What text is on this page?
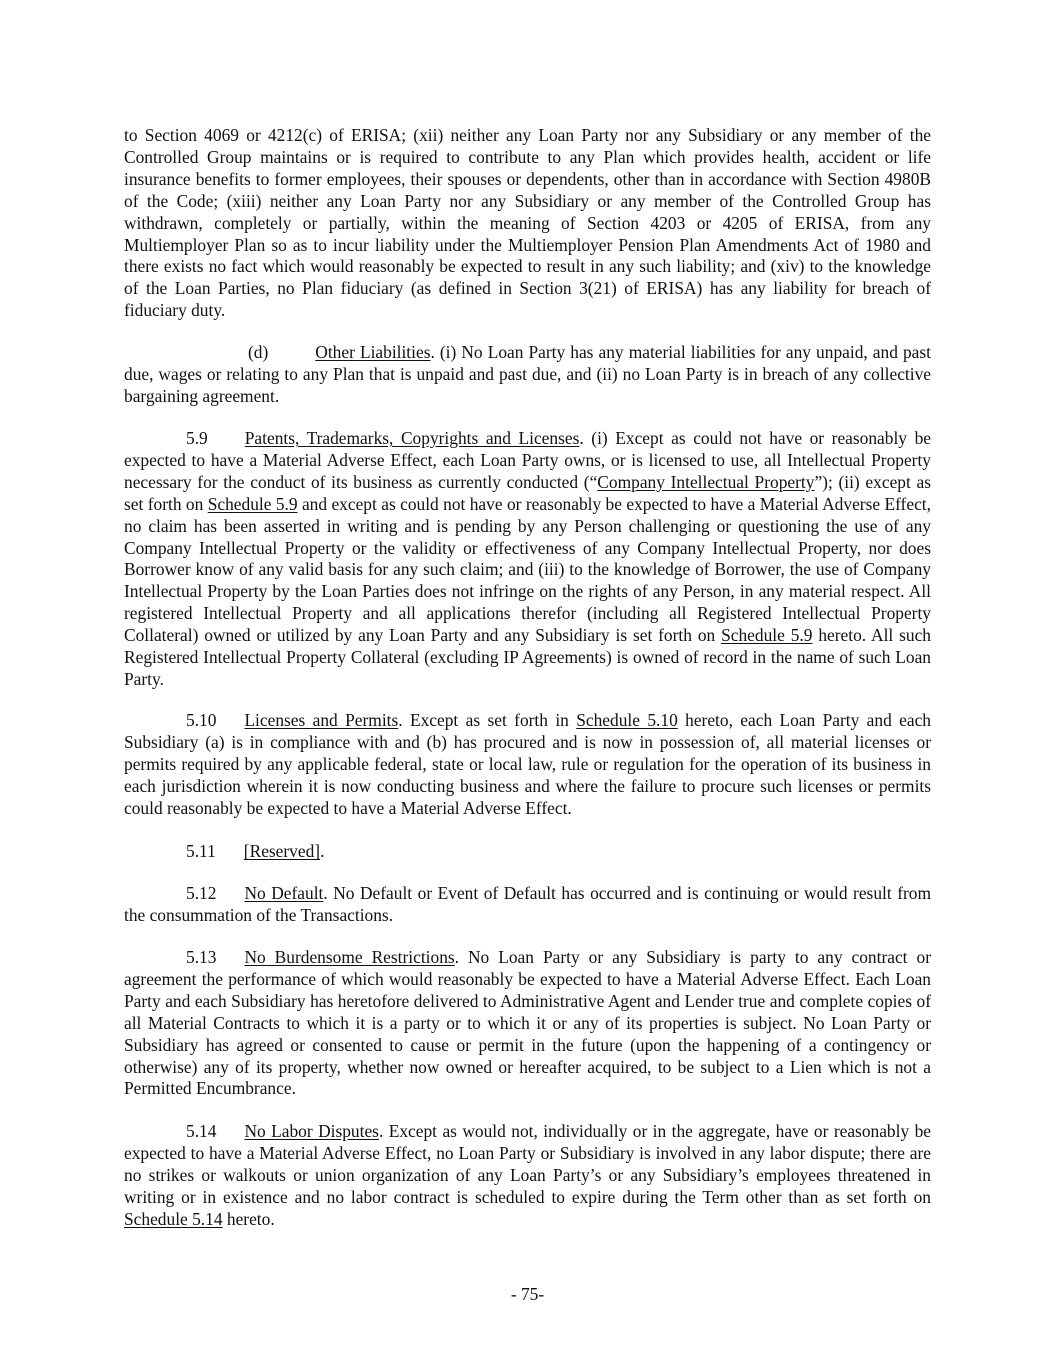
to Section 4069 or 4212(c) of ERISA; (xii) neither any Loan Party nor any Subsidiary or any member of the Controlled Group maintains or is required to contribute to any Plan which provides health, accident or life insurance benefits to former employees, their spouses or dependents, other than in accordance with Section 4980B of the Code; (xiii) neither any Loan Party nor any Subsidiary or any member of the Controlled Group has withdrawn, completely or partially, within the meaning of Section 4203 or 4205 of ERISA, from any Multiemployer Plan so as to incur liability under the Multiemployer Pension Plan Amendments Act of 1980 and there exists no fact which would reasonably be expected to result in any such liability; and (xiv) to the knowledge of the Loan Parties, no Plan fiduciary (as defined in Section 3(21) of ERISA) has any liability for breach of fiduciary duty.

(d)	Other Liabilities. (i) No Loan Party has any material liabilities for any unpaid, and past due, wages or relating to any Plan that is unpaid and past due, and (ii) no Loan Party is in breach of any collective bargaining agreement.

5.9 Patents, Trademarks, Copyrights and Licenses. (i) Except as could not have or reasonably be expected to have a Material Adverse Effect, each Loan Party owns, or is licensed to use, all Intellectual Property necessary for the conduct of its business as currently conducted (“Company Intellectual Property”); (ii) except as set forth on Schedule 5.9 and except as could not have or reasonably be expected to have a Material Adverse Effect, no claim has been asserted in writing and is pending by any Person challenging or questioning the use of any Company Intellectual Property or the validity or effectiveness of any Company Intellectual Property, nor does Borrower know of any valid basis for any such claim; and (iii) to the knowledge of Borrower, the use of Company Intellectual Property by the Loan Parties does not infringe on the rights of any Person, in any material respect. All registered Intellectual Property and all applications therefor (including all Registered Intellectual Property Collateral) owned or utilized by any Loan Party and any Subsidiary is set forth on Schedule 5.9 hereto. All such Registered Intellectual Property Collateral (excluding IP Agreements) is owned of record in the name of such Loan Party.

5.10 Licenses and Permits. Except as set forth in Schedule 5.10 hereto, each Loan Party and each Subsidiary (a) is in compliance with and (b) has procured and is now in possession of, all material licenses or permits required by any applicable federal, state or local law, rule or regulation for the operation of its business in each jurisdiction wherein it is now conducting business and where the failure to procure such licenses or permits could reasonably be expected to have a Material Adverse Effect.

5.11 [Reserved].

5.12 No Default. No Default or Event of Default has occurred and is continuing or would result from the consummation of the Transactions.

5.13 No Burdensome Restrictions. No Loan Party or any Subsidiary is party to any contract or agreement the performance of which would reasonably be expected to have a Material Adverse Effect. Each Loan Party and each Subsidiary has heretofore delivered to Administrative Agent and Lender true and complete copies of all Material Contracts to which it is a party or to which it or any of its properties is subject. No Loan Party or Subsidiary has agreed or consented to cause or permit in the future (upon the happening of a contingency or otherwise) any of its property, whether now owned or hereafter acquired, to be subject to a Lien which is not a Permitted Encumbrance.

5.14 No Labor Disputes. Except as would not, individually or in the aggregate, have or reasonably be expected to have a Material Adverse Effect, no Loan Party or Subsidiary is involved in any labor dispute; there are no strikes or walkouts or union organization of any Loan Party’s or any Subsidiary’s employees threatened in writing or in existence and no labor contract is scheduled to expire during the Term other than as set forth on Schedule 5.14 hereto.

- 75-
